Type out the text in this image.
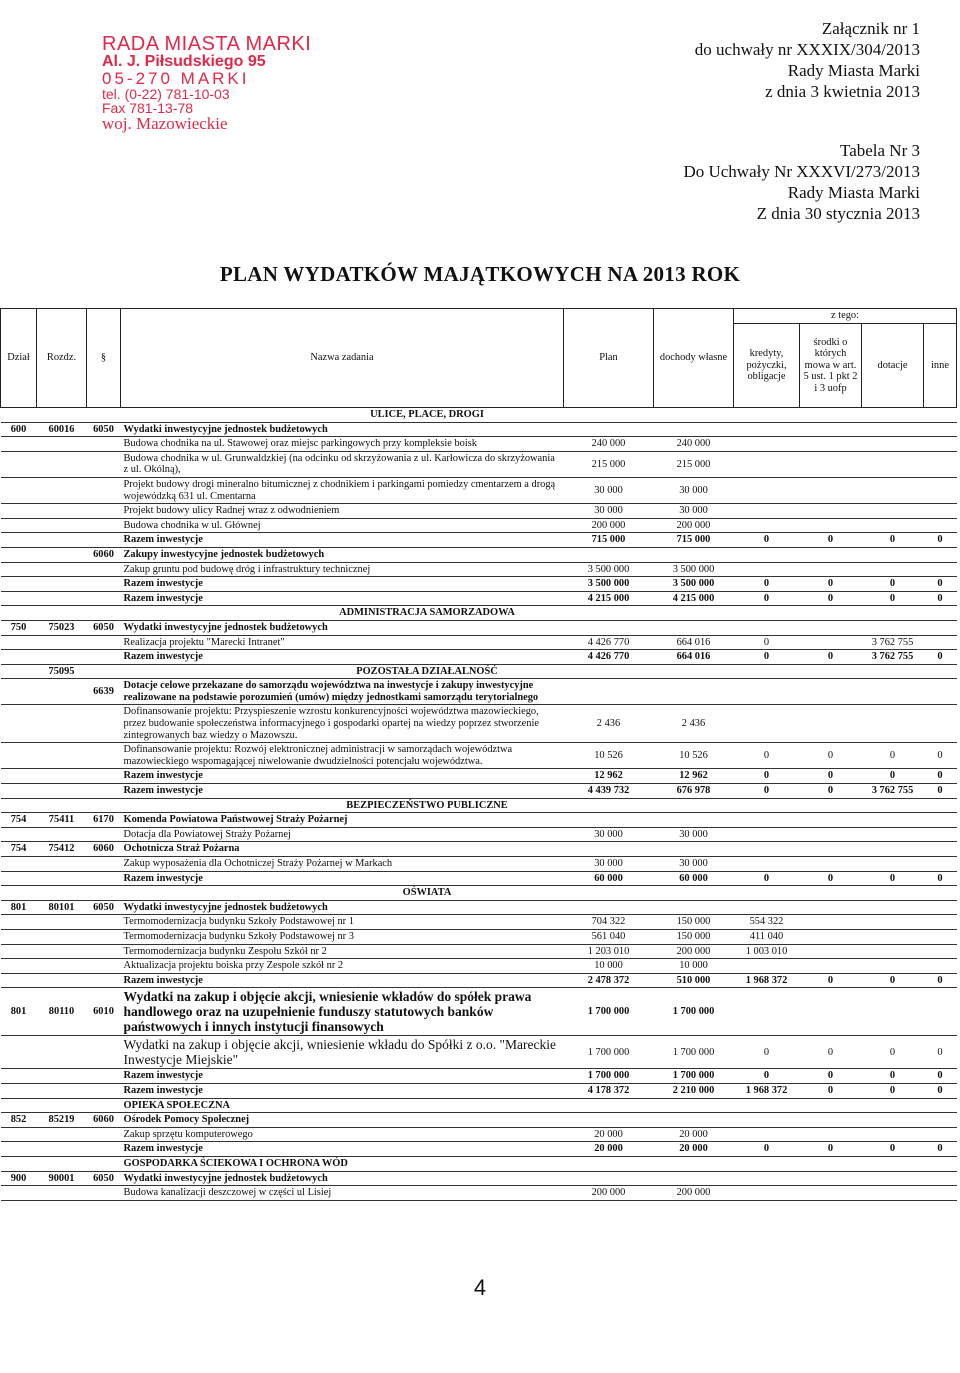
RADA MIASTA MARKI
Al. J. Piłsudskiego 95
05-270 MARKI
tel. (0-22) 781-10-03
Fax 781-13-78
woj. Mazowieckie
Załącznik nr 1
do uchwały nr XXXIX/304/2013
Rady Miasta Marki
z dnia 3 kwietnia 2013
Tabela Nr 3
Do Uchwały Nr XXXVI/273/2013
Rady Miasta Marki
Z dnia 30 stycznia 2013
PLAN WYDATKÓW MAJĄTKOWYCH NA 2013 ROK
Dział	Rozdz.	§	Nazwa zadania	Plan	dochody własne	z tego:			
						kredyty, pożyczki, obligacje	środki o których mowa w art. 5 ust. 1 pkt 2 i 3 uofp	dotacje	inne
			ULICE, PLACE, DROGI						
600	60016	6050	Wydatki inwestycyjne jednostek budżetowych						
			Budowa chodnika na ul. Stawowej oraz miejsc parkingowych przy kompleksie boisk	240 000	240 000				
			Budowa chodnika w ul. Grunwaldzkiej (na odcinku od skrzyżowania z ul. Karłowicza do skrzyżowania z ul. Okólną),	215 000	215 000				
			Projekt budowy drogi mineralno bitumicznej z chodnikiem i parkingami pomiedzy cmentarzem a drogą wojewódzką 631 ul. Cmentarna	30 000	30 000				
			Projekt budowy ulicy Radnej wraz z odwodnieniem	30 000	30 000				
			Budowa chodnika w ul. Głównej	200 000	200 000				
			Razem inwestycje	715 000	715 000	0	0	0	0
		6060	Zakupy inwestycyjne jednostek budżetowych						
			Zakup gruntu pod budowę dróg i infrastruktury technicznej	3 500 000	3 500 000				
			Razem inwestycje	3 500 000	3 500 000	0	0	0	0
			Razem inwestycje	4 215 000	4 215 000	0	0	0	0
			ADMINISTRACJA SAMORZADOWA						
750	75023	6050	Wydatki inwestycyjne jednostek budżetowych						
			Realizacja projektu "Marecki Intranet"	4 426 770	664 016	0		3 762 755	
			Razem inwestycje	4 426 770	664 016	0	0	3 762 755	0
	75095		POZOSTAŁA DZIAŁALNOŚĆ						
		6639	Dotacje celowe przekazane do samorządu województwa na inwestycje i zakupy inwestycyjne realizowane na podstawie porozumień (umów) między jednostkami samorządu terytorialnego						
			Dofinansowanie projektu: Przyspieszenie wzrostu konkurencyjności województwa mazowieckiego, przez budowanie społeczeństwa informacyjnego i gospodarki opartej na wiedzy poprzez stworzenie zintegrowanych baz wiedzy o Mazowszu.	2 436	2 436				
			Dofinansowanie projektu: Rozwój elektronicznej administracji w samorządach województwa mazowieckiego wspomagającej niwelowanie dwudzielności potencjału województwa.	10 526	10 526	0	0	0	0
			Razem inwestycje	12 962	12 962	0	0	0	0
			Razem inwestycje	4 439 732	676 978	0	0	3 762 755	0
			BEZPIECZEŃSTWO PUBLICZNE						
754	75411	6170	Komenda Powiatowa Państwowej Straży Pożarnej						
			Dotacja dla Powiatowej Straży Pożarnej	30 000	30 000				
754	75412	6060	Ochotnicza Straż Pożarna						
			Zakup wyposażenia dla Ochotniczej Straży Pożarnej w Markach	30 000	30 000				
			Razem inwestycje	60 000	60 000	0	0	0	0
			OŚWIATA						
801	80101	6050	Wydatki inwestycyjne jednostek budżetowych						
			Termomodernizacja budynku Szkoły Podstawowej nr 1	704 322	150 000	554 322			
			Termomodernizacja budynku Szkoły Podstawowej nr 3	561 040	150 000	411 040			
			Termomodernizacja budynku Zespołu Szkół nr 2	1 203 010	200 000	1 003 010			
			Aktualizacja projektu boiska przy Zespole szkół nr 2	10 000	10 000				
			Razem inwestycje	2 478 372	510 000	1 968 372	0	0	0
801	80110	6010	Wydatki na zakup i objęcie akcji, wniesienie wkładów do spółek prawa handlowego oraz na uzupełnienie funduszy statutowych banków państwowych i innych instytucji finansowych	1 700 000	1 700 000				
			Wydatki na zakup i objęcie akcji, wniesienie wkładu do Spółki z o.o. "Mareckie Inwestycje Miejskie"	1 700 000	1 700 000	0	0	0	0
			Razem inwestycje	1 700 000	1 700 000	0	0	0	0
			Razem inwestycje	4 178 372	2 210 000	1 968 372	0	0	0
			OPIEKA SPOŁECZNA						
852	85219	6060	Ośrodek Pomocy Społecznej						
			Zakup sprzętu komputerowego	20 000	20 000				
			Razem inwestycje	20 000	20 000	0	0	0	0
			GOSPODARKA ŚCIEKOWA I OCHRONA WÓD						
900	90001	6050	Wydatki inwestycyjne jednostek budżetowych						
			Budowa kanalizacji deszczowej w części ul Lisiej	200 000	200 000				
4
